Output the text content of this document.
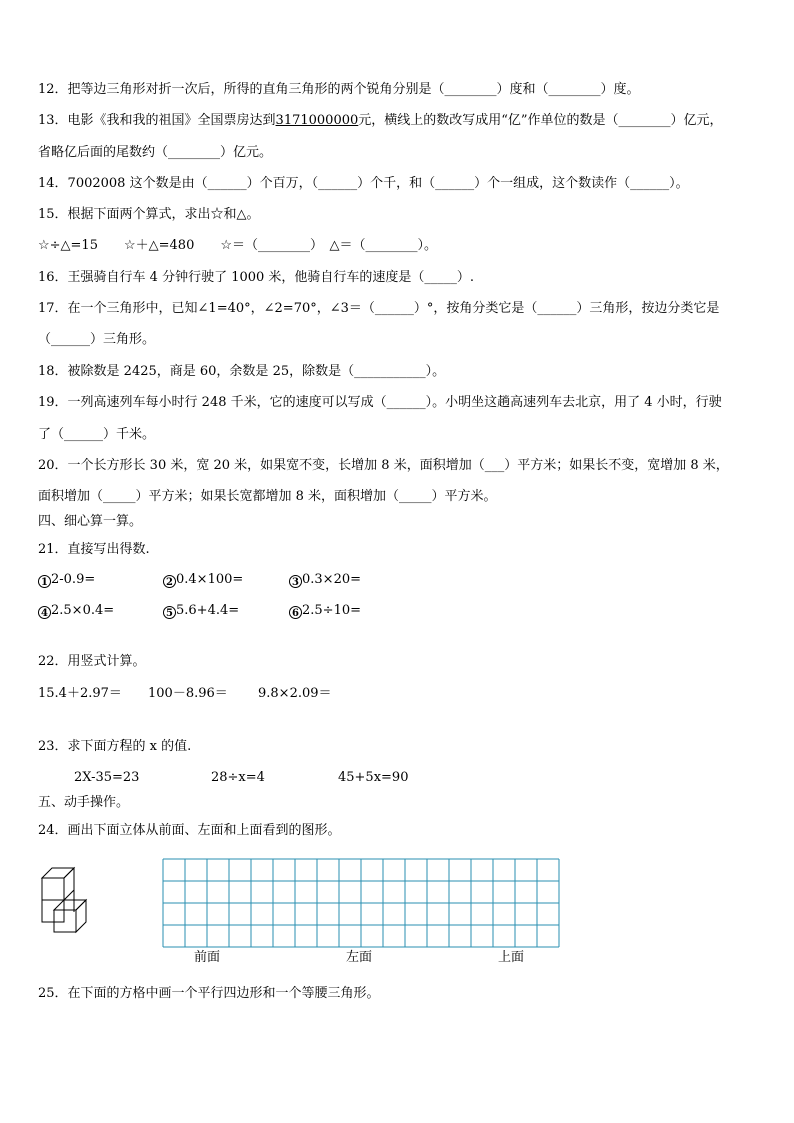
12．把等边三角形对折一次后，所得的直角三角形的两个锐角分别是（________）度和（________）度。
13．电影《我和我的祖国》全国票房达到3171000000元，横线上的数改写成用“亿”作单位的数是（________）亿元，
省略亿后面的尾数约（________）亿元。
14．7002008 这个数是由（______）个百万，（______）个千，和（______）个一组成，这个数读作（______）。
15．根据下面两个算式，求出☆和△。
☆÷△=15　　☆＋△=480　　☆＝（________）　△＝（________）。
16．王强骑自行车 4 分钟行驶了 1000 米，他骑自行车的速度是（_____）.
17．在一个三角形中，已知∠1=40°，∠2=70°，∠3＝（______）°，按角分类它是（______）三角形，按边分类它是
（______）三角形。
18．被除数是 2425，商是 60，余数是 25，除数是（___________）。
19．一列高速列车每小时行 248 千米，它的速度可以写成（______）。小明坐这趟高速列车去北京，用了 4 小时，行驶
了（______）千米。
20．一个长方形长 30 米，宽 20 米，如果宽不变，长增加 8 米，面积增加（___）平方米；如果长不变，宽增加 8 米，
面积增加（_____）平方米；如果长宽都增加 8 米，面积增加（_____）平方米。
四、细心算一算。
21．直接写出得数.
1 2-0.9=	2 0.4×100=	3 0.3×20=
4 2.5×0.4=	5 5.6+4.4=	6 2.5÷10=
22．用竖式计算。
15.4＋2.97＝ 100－8.96＝ 9.8×2.09＝
23．求下面方程的 x 的值.
2X-35=23	28÷x=4	45+5x=90
五、动手操作。
24．画出下面立体从前面、左面和上面看到的图形。
前面	左面	上面
25．在下面的方格中画一个平行四边形和一个等腰三角形。
